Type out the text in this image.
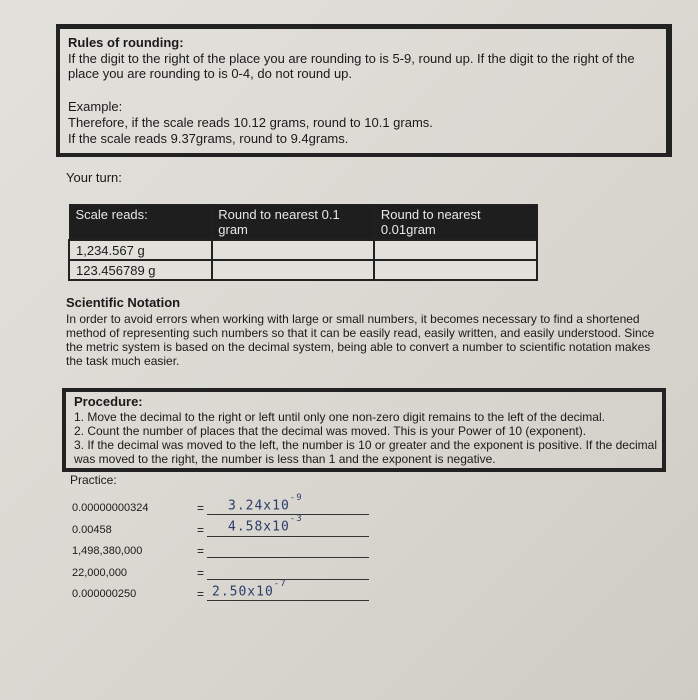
Rules of rounding:
If the digit to the right of the place you are rounding to is 5-9, round up. If the digit to the right of the place you are rounding to is 0-4, do not round up.
Example:
Therefore, if the scale reads 10.12 grams, round to 10.1 grams.
If the scale reads 9.37grams, round to 9.4grams.
Your turn:
Scale reads:	Round to nearest 0.1 gram	Round to nearest 0.01gram
1,234.567 g		
123.456789 g		
Scientific Notation
In order to avoid errors when working with large or small numbers, it becomes necessary to find a shortened method of representing such numbers so that it can be easily read, easily written, and easily understood. Since the metric system is based on the decimal system, being able to convert a number to scientific notation makes the task much easier.
Procedure:
1. Move the decimal to the right or left until only one non-zero digit remains to the left of the decimal.
2. Count the number of places that the decimal was moved. This is your Power of 10 (exponent).
3. If the decimal was moved to the left, the number is 10 or greater and the exponent is positive. If the decimal was moved to the right, the number is less than 1 and the exponent is negative.
Practice:
0.00000000324	= $3.24x10^{-9}$
0.00458	= $4.58x10^{-3}$
1,498,380,000	=
22,000,000	=
0.000000250	= $2.50x10^{-7}$
